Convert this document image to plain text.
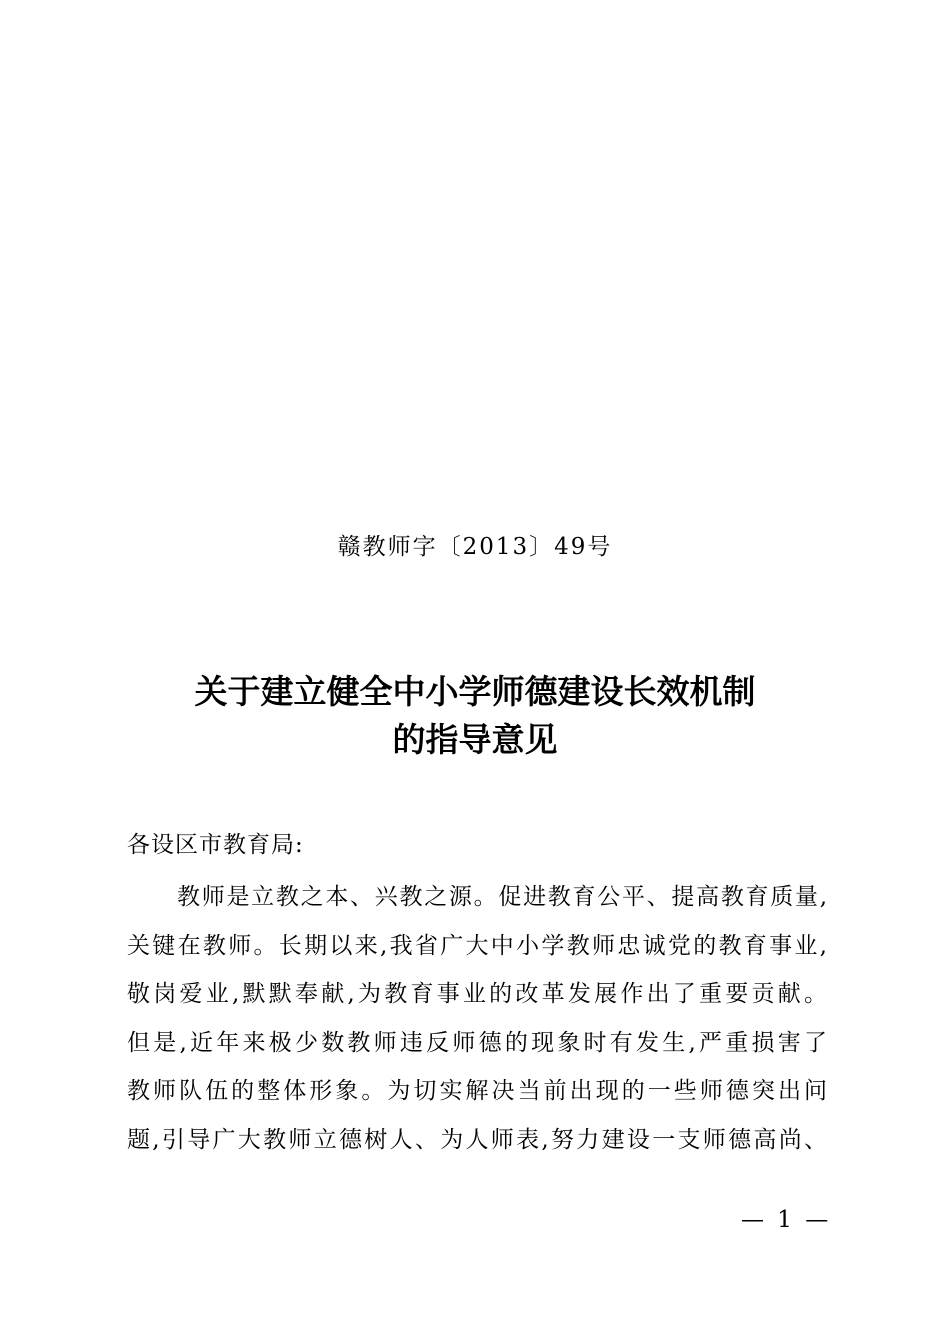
赣教师字〔2013〕49号
关于建立健全中小学师德建设长效机制
的指导意见
各设区市教育局:
教师是立教之本、兴教之源。促进教育公平、提高教育质量,
关键在教师。长期以来,我省广大中小学教师忠诚党的教育事业,
敬岗爱业,默默奉献,为教育事业的改革发展作出了重要贡献。
但是,近年来极少数教师违反师德的现象时有发生,严重损害了
教师队伍的整体形象。为切实解决当前出现的一些师德突出问
题,引导广大教师立德树人、为人师表,努力建设一支师德高尚、
— 1 —
